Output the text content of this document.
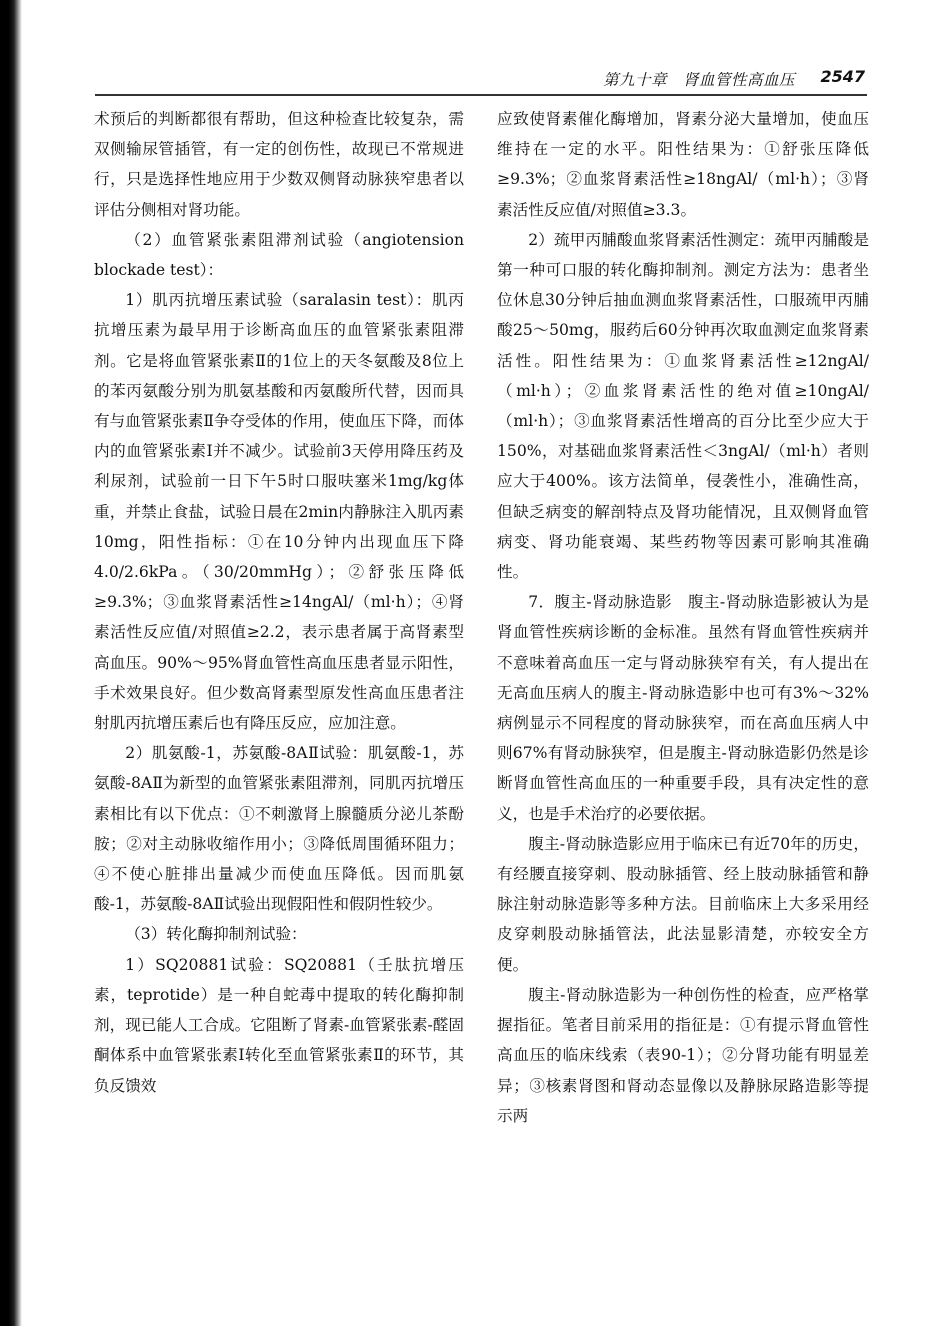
第九十章　肾血管性高血压 2547

术预后的判断都很有帮助，但这种检查比较复杂，需双侧输尿管插管，有一定的创伤性，故现已不常规进行，只是选择性地应用于少数双侧肾动脉狭窄患者以评估分侧相对肾功能。

（2）血管紧张素阻滞剂试验（angiotension blockade test）：

1）肌丙抗增压素试验（saralasin test）：肌丙抗增压素为最早用于诊断高血压的血管紧张素阻滞剂。它是将血管紧张素Ⅱ的1位上的天冬氨酸及8位上的苯丙氨酸分别为肌氨基酸和丙氨酸所代替，因而具有与血管紧张素Ⅱ争夺受体的作用，使血压下降，而体内的血管紧张素Ⅰ并不减少。试验前3天停用降压药及利尿剂，试验前一日下午5时口服呋塞米1mg/kg体重，并禁止食盐，试验日晨在2min内静脉注入肌丙素10mg，阳性指标：①在10分钟内出现血压下降4.0/2.6kPa。（30/20mmHg）；②舒张压降低≥9.3%；③血浆肾素活性≥14ngAl/（ml·h）；④肾素活性反应值/对照值≥2.2，表示患者属于高肾素型高血压。90%～95%肾血管性高血压患者显示阳性，手术效果良好。但少数高肾素型原发性高血压患者注射肌丙抗增压素后也有降压反应，应加注意。

2）肌氨酸-1，苏氨酸-8AⅡ试验：肌氨酸-1，苏氨酸-8AⅡ为新型的血管紧张素阻滞剂，同肌丙抗增压素相比有以下优点：①不刺激肾上腺髓质分泌儿茶酚胺；②对主动脉收缩作用小；③降低周围循环阻力；④不使心脏排出量减少而使血压降低。因而肌氨酸-1，苏氨酸-8AⅡ试验出现假阳性和假阴性较少。

（3）转化酶抑制剂试验：

1）SQ20881试验：SQ20881（壬肽抗增压素，teprotide）是一种自蛇毒中提取的转化酶抑制剂，现已能人工合成。它阻断了肾素-血管紧张素-醛固酮体系中血管紧张素Ⅰ转化至血管紧张素Ⅱ的环节，其负反馈效

应致使肾素催化酶增加，肾素分泌大量增加，使血压维持在一定的水平。阳性结果为：①舒张压降低≥9.3%；②血浆肾素活性≥18ngAl/（ml·h）；③肾素活性反应值/对照值≥3.3。

2）巯甲丙脯酸血浆肾素活性测定：巯甲丙脯酸是第一种可口服的转化酶抑制剂。测定方法为：患者坐位休息30分钟后抽血测血浆肾素活性，口服巯甲丙脯酸25～50mg，服药后60分钟再次取血测定血浆肾素活性。阳性结果为：①血浆肾素活性≥12ngAl/（ml·h）；②血浆肾素活性的绝对值≥10ngAl/（ml·h）；③血浆肾素活性增高的百分比至少应大于150%，对基础血浆肾素活性＜3ngAl/（ml·h）者则应大于400%。该方法简单，侵袭性小，准确性高，但缺乏病变的解剖特点及肾功能情况，且双侧肾血管病变、肾功能衰竭、某些药物等因素可影响其准确性。

7．腹主-肾动脉造影　腹主-肾动脉造影被认为是肾血管性疾病诊断的金标准。虽然有肾血管性疾病并不意味着高血压一定与肾动脉狭窄有关，有人提出在无高血压病人的腹主-肾动脉造影中也可有3%～32%病例显示不同程度的肾动脉狭窄，而在高血压病人中则67%有肾动脉狭窄，但是腹主-肾动脉造影仍然是诊断肾血管性高血压的一种重要手段，具有决定性的意义，也是手术治疗的必要依据。

腹主-肾动脉造影应用于临床已有近70年的历史，有经腰直接穿刺、股动脉插管、经上肢动脉插管和静脉注射动脉造影等多种方法。目前临床上大多采用经皮穿刺股动脉插管法，此法显影清楚，亦较安全方便。

腹主-肾动脉造影为一种创伤性的检查，应严格掌握指征。笔者目前采用的指征是：①有提示肾血管性高血压的临床线索（表90-1）；②分肾功能有明显差异；③核素肾图和肾动态显像以及静脉尿路造影等提示两
